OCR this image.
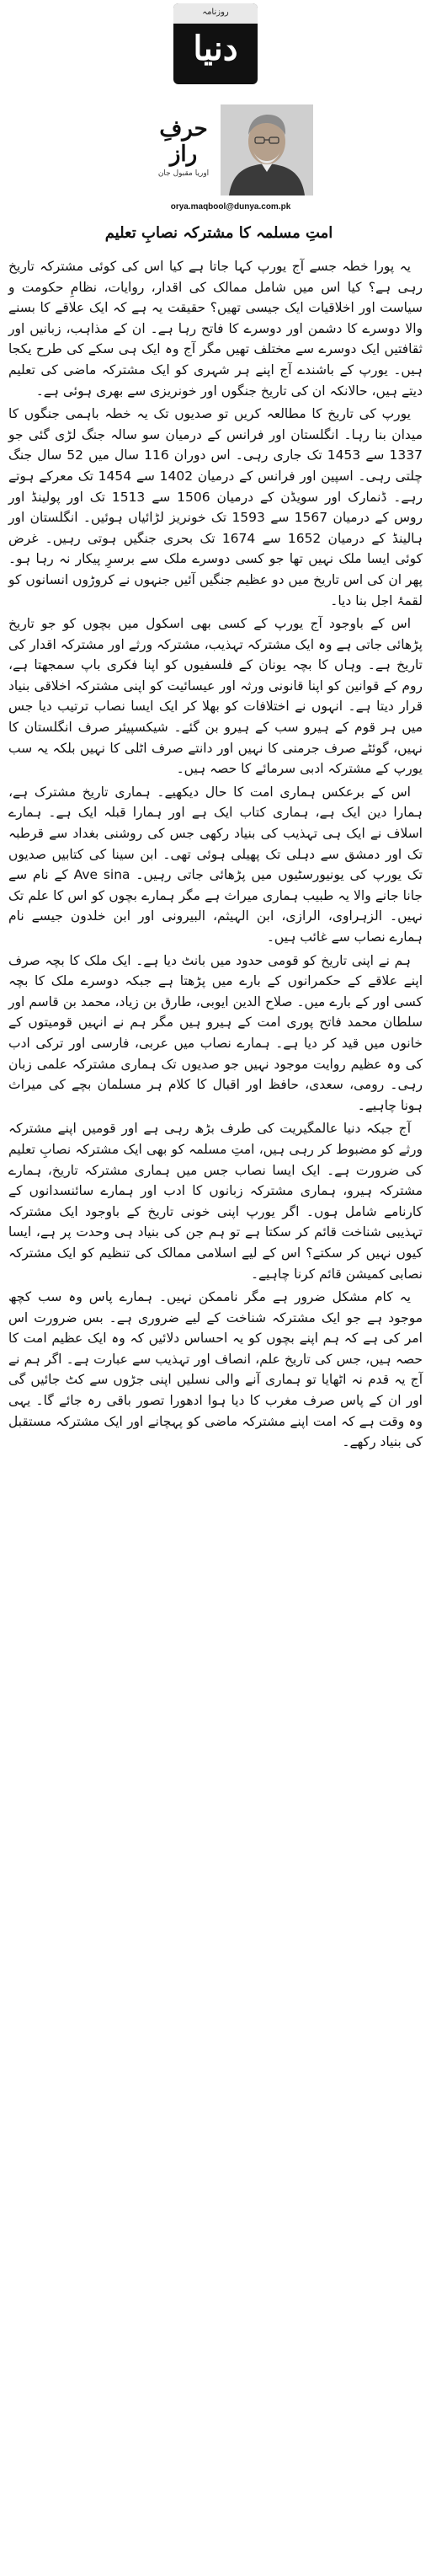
روزنامہ
دنیا
حرفِ راز
اوریا مقبول جان
orya.maqbool@dunya.com.pk
امتِ مسلمہ کا مشترکہ نصابِ تعلیم

یہ پورا خطہ جسے آج یورپ کہا جاتا ہے کیا اس کی کوئی مشترکہ تاریخ رہی ہے؟ کیا اس میں شامل ممالک کی اقدار، روایات، نظامِ حکومت و سیاست اور اخلاقیات ایک جیسی تھیں؟ حقیقت یہ ہے کہ ایک علاقے کا بسنے والا دوسرے کا دشمن اور دوسرے کا فاتح رہا ہے۔ ان کے مذاہب، زبانیں اور ثقافتیں ایک دوسرے سے مختلف تھیں مگر آج وہ ایک ہی سکے کی طرح یکجا ہیں۔ یورپ کے باشندے آج اپنے ہر شہری کو ایک مشترکہ ماضی کی تعلیم دیتے ہیں، حالانکہ ان کی تاریخ جنگوں اور خونریزی سے بھری ہوئی ہے۔

یورپ کی تاریخ کا مطالعہ کریں تو صدیوں تک یہ خطہ باہمی جنگوں کا میدان بنا رہا۔ انگلستان اور فرانس کے درمیان سو سالہ جنگ لڑی گئی جو 1337 سے 1453 تک جاری رہی۔ اس دوران 116 سال میں 52 سال جنگ چلتی رہی۔ اسپین اور فرانس کے درمیان 1402 سے 1454 تک معرکے ہوتے رہے۔ ڈنمارک اور سویڈن کے درمیان 1506 سے 1513 تک اور پولینڈ اور روس کے درمیان 1567 سے 1593 تک خونریز لڑائیاں ہوئیں۔ انگلستان اور ہالینڈ کے درمیان 1652 سے 1674 تک بحری جنگیں ہوتی رہیں۔ غرض کوئی ایسا ملک نہیں تھا جو کسی دوسرے ملک سے برسرِ پیکار نہ رہا ہو۔ پھر ان کی اس تاریخ میں دو عظیم جنگیں آئیں جنہوں نے کروڑوں انسانوں کو لقمۂ اجل بنا دیا۔

اس کے باوجود آج یورپ کے کسی بھی اسکول میں بچوں کو جو تاریخ پڑھائی جاتی ہے وہ ایک مشترکہ تہذیب، مشترکہ ورثے اور مشترکہ اقدار کی تاریخ ہے۔ وہاں کا بچہ یونان کے فلسفیوں کو اپنا فکری باپ سمجھتا ہے، روم کے قوانین کو اپنا قانونی ورثہ اور عیسائیت کو اپنی مشترکہ اخلاقی بنیاد قرار دیتا ہے۔ انہوں نے اختلافات کو بھلا کر ایک ایسا نصاب ترتیب دیا جس میں ہر قوم کے ہیرو سب کے ہیرو بن گئے۔ شیکسپیئر صرف انگلستان کا نہیں، گوئٹے صرف جرمنی کا نہیں اور دانتے صرف اٹلی کا نہیں بلکہ یہ سب یورپ کے مشترکہ ادبی سرمائے کا حصہ ہیں۔

اس کے برعکس ہماری امت کا حال دیکھیے۔ ہماری تاریخ مشترک ہے، ہمارا دین ایک ہے، ہماری کتاب ایک ہے اور ہمارا قبلہ ایک ہے۔ ہمارے اسلاف نے ایک ہی تہذیب کی بنیاد رکھی جس کی روشنی بغداد سے قرطبہ تک اور دمشق سے دہلی تک پھیلی ہوئی تھی۔ ابن سینا کی کتابیں صدیوں تک یورپ کی یونیورسٹیوں میں پڑھائی جاتی رہیں۔ Ave sina کے نام سے جانا جانے والا یہ طبیب ہماری میراث ہے مگر ہمارے بچوں کو اس کا علم تک نہیں۔ الزہراوی، الرازی، ابن الہیثم، البیرونی اور ابن خلدون جیسے نام ہمارے نصاب سے غائب ہیں۔

ہم نے اپنی تاریخ کو قومی حدود میں بانٹ دیا ہے۔ ایک ملک کا بچہ صرف اپنے علاقے کے حکمرانوں کے بارے میں پڑھتا ہے جبکہ دوسرے ملک کا بچہ کسی اور کے بارے میں۔ صلاح الدین ایوبی، طارق بن زیاد، محمد بن قاسم اور سلطان محمد فاتح پوری امت کے ہیرو ہیں مگر ہم نے انہیں قومیتوں کے خانوں میں قید کر دیا ہے۔ ہمارے نصاب میں عربی، فارسی اور ترکی ادب کی وہ عظیم روایت موجود نہیں جو صدیوں تک ہماری مشترکہ علمی زبان رہی۔ رومی، سعدی، حافظ اور اقبال کا کلام ہر مسلمان بچے کی میراث ہونا چاہیے۔

آج جبکہ دنیا عالمگیریت کی طرف بڑھ رہی ہے اور قومیں اپنے مشترکہ ورثے کو مضبوط کر رہی ہیں، امتِ مسلمہ کو بھی ایک مشترکہ نصابِ تعلیم کی ضرورت ہے۔ ایک ایسا نصاب جس میں ہماری مشترکہ تاریخ، ہمارے مشترکہ ہیرو، ہماری مشترکہ زبانوں کا ادب اور ہمارے سائنسدانوں کے کارنامے شامل ہوں۔ اگر یورپ اپنی خونی تاریخ کے باوجود ایک مشترکہ تہذیبی شناخت قائم کر سکتا ہے تو ہم جن کی بنیاد ہی وحدت پر ہے، ایسا کیوں نہیں کر سکتے؟ اس کے لیے اسلامی ممالک کی تنظیم کو ایک مشترکہ نصابی کمیشن قائم کرنا چاہیے۔

یہ کام مشکل ضرور ہے مگر ناممکن نہیں۔ ہمارے پاس وہ سب کچھ موجود ہے جو ایک مشترکہ شناخت کے لیے ضروری ہے۔ بس ضرورت اس امر کی ہے کہ ہم اپنے بچوں کو یہ احساس دلائیں کہ وہ ایک عظیم امت کا حصہ ہیں، جس کی تاریخ علم، انصاف اور تہذیب سے عبارت ہے۔ اگر ہم نے آج یہ قدم نہ اٹھایا تو ہماری آنے والی نسلیں اپنی جڑوں سے کٹ جائیں گی اور ان کے پاس صرف مغرب کا دیا ہوا ادھورا تصور باقی رہ جائے گا۔ یہی وہ وقت ہے کہ امت اپنے مشترکہ ماضی کو پہچانے اور ایک مشترکہ مستقبل کی بنیاد رکھے۔
